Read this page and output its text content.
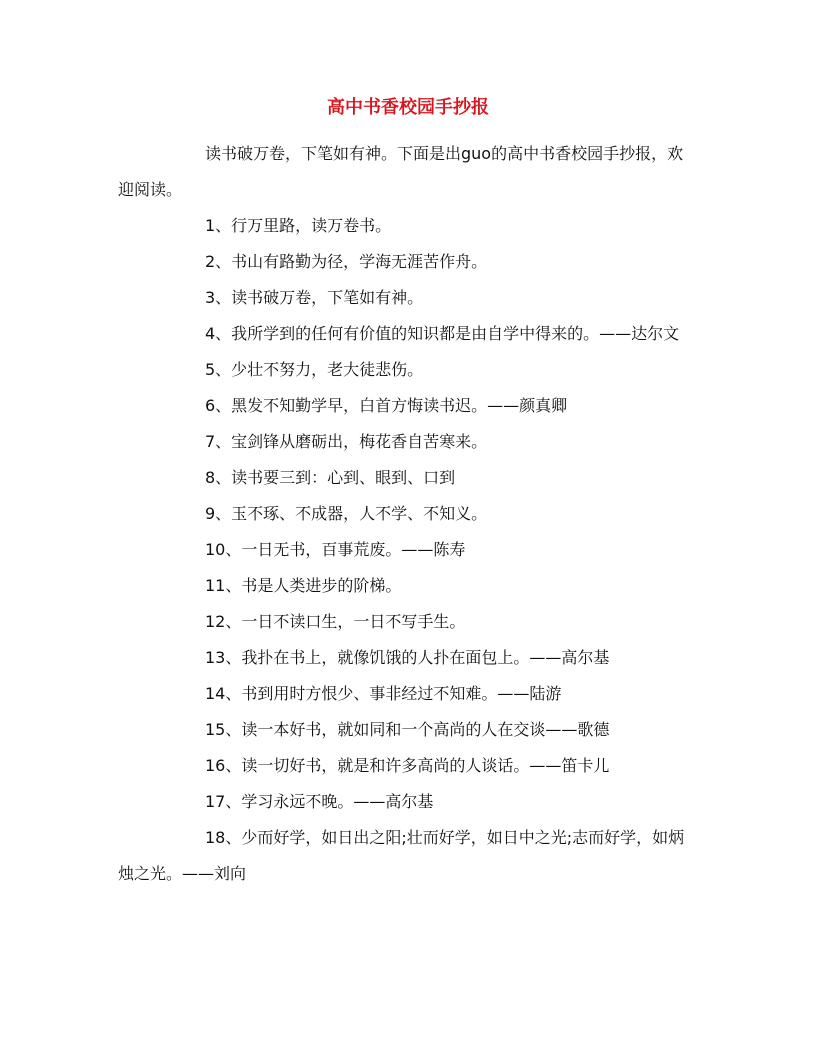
高中书香校园手抄报

读书破万卷，下笔如有神。下面是出guo的高中书香校园手抄报，欢迎阅读。

1、行万里路，读万卷书。

2、书山有路勤为径，学海无涯苦作舟。

3、读书破万卷，下笔如有神。

4、我所学到的任何有价值的知识都是由自学中得来的。——达尔文

5、少壮不努力，老大徒悲伤。

6、黑发不知勤学早，白首方悔读书迟。——颜真卿

7、宝剑锋从磨砺出，梅花香自苦寒来。

8、读书要三到：心到、眼到、口到

9、玉不琢、不成器，人不学、不知义。

10、一日无书，百事荒废。——陈寿

11、书是人类进步的阶梯。

12、一日不读口生，一日不写手生。

13、我扑在书上，就像饥饿的人扑在面包上。——高尔基

14、书到用时方恨少、事非经过不知难。——陆游

15、读一本好书，就如同和一个高尚的人在交谈——歌德

16、读一切好书，就是和许多高尚的人谈话。——笛卡儿

17、学习永远不晚。——高尔基

18、少而好学，如日出之阳;壮而好学，如日中之光;志而好学，如炳烛之光。——刘向
